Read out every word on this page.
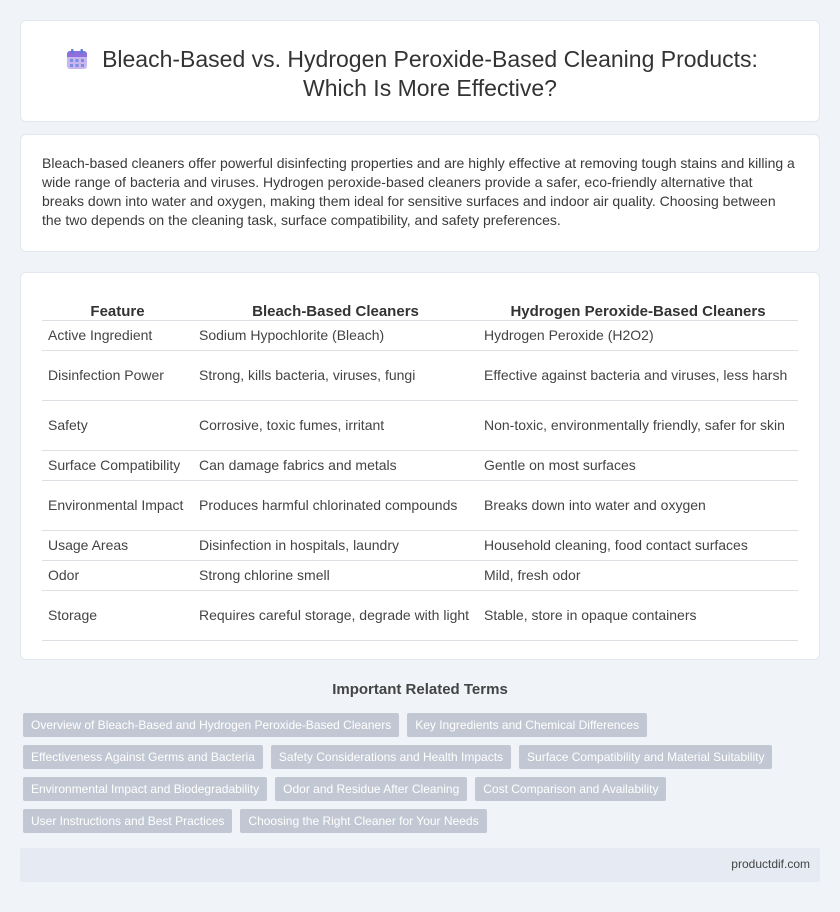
Bleach-Based vs. Hydrogen Peroxide-Based Cleaning Products: Which Is More Effective?

Bleach-based cleaners offer powerful disinfecting properties and are highly effective at removing tough stains and killing a wide range of bacteria and viruses. Hydrogen peroxide-based cleaners provide a safer, eco-friendly alternative that breaks down into water and oxygen, making them ideal for sensitive surfaces and indoor air quality. Choosing between the two depends on the cleaning task, surface compatibility, and safety preferences.

Feature	Bleach-Based Cleaners	Hydrogen Peroxide-Based Cleaners
Active Ingredient	Sodium Hypochlorite (Bleach)	Hydrogen Peroxide (H2O2)
Disinfection Power	Strong, kills bacteria, viruses, fungi	Effective against bacteria and viruses, less harsh
Safety	Corrosive, toxic fumes, irritant	Non-toxic, environmentally friendly, safer for skin
Surface Compatibility	Can damage fabrics and metals	Gentle on most surfaces
Environmental Impact	Produces harmful chlorinated compounds	Breaks down into water and oxygen
Usage Areas	Disinfection in hospitals, laundry	Household cleaning, food contact surfaces
Odor	Strong chlorine smell	Mild, fresh odor
Storage	Requires careful storage, degrade with light	Stable, store in opaque containers
Important Related Terms
Overview of Bleach-Based and Hydrogen Peroxide-Based Cleaners	Key Ingredients and Chemical Differences
Effectiveness Against Germs and Bacteria	Safety Considerations and Health Impacts	Surface Compatibility and Material Suitability
Environmental Impact and Biodegradability	Odor and Residue After Cleaning	Cost Comparison and Availability
User Instructions and Best Practices	Choosing the Right Cleaner for Your Needs
productdif.com
